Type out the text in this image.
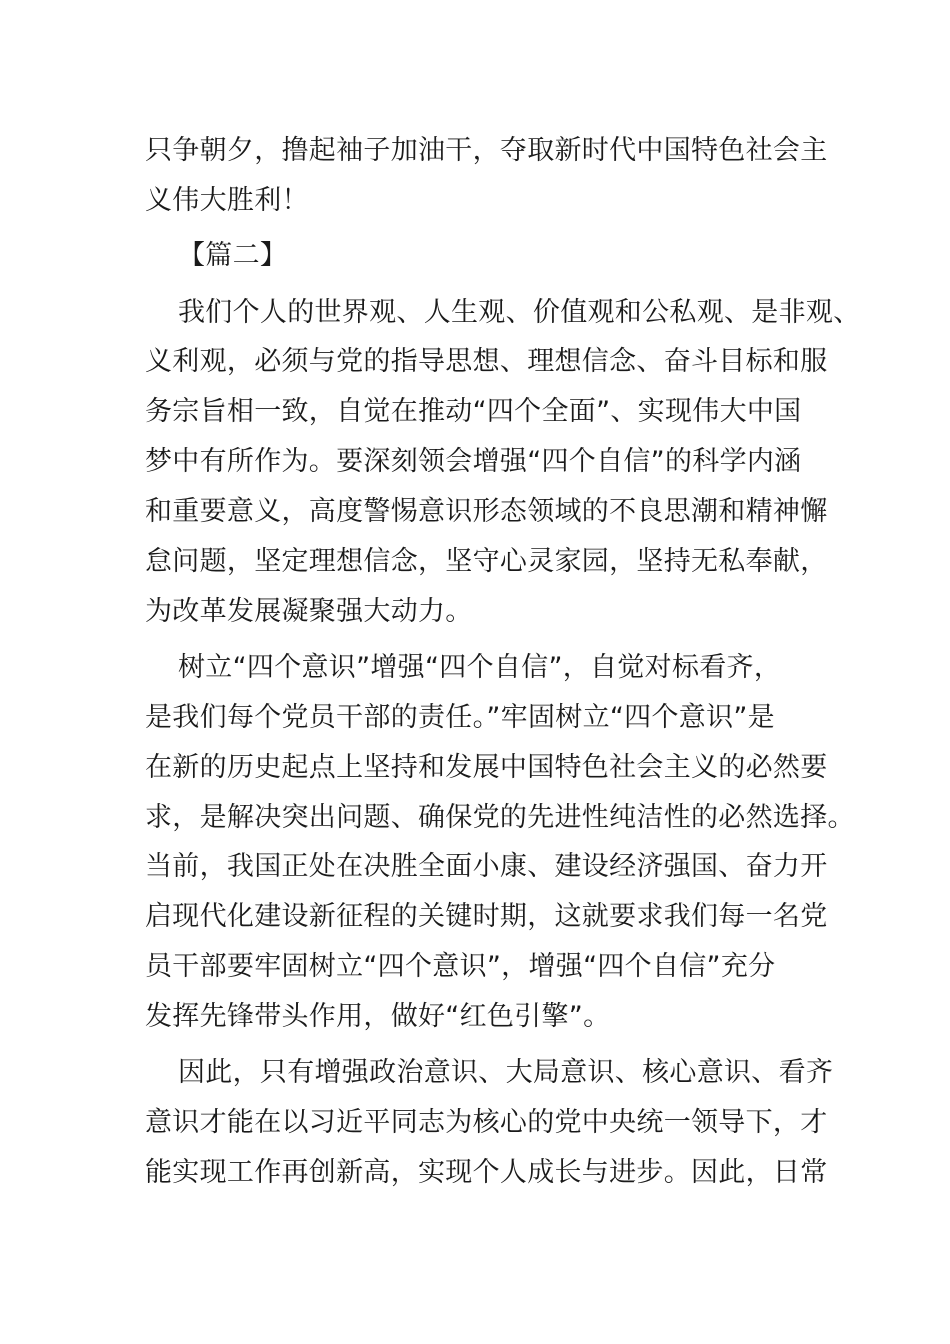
只争朝夕，撸起袖子加油干，夺取新时代中国特色社会主
义伟大胜利！
【篇二】
我们个人的世界观、人生观、价值观和公私观、是非观、
义利观，必须与党的指导思想、理想信念、奋斗目标和服
务宗旨相一致，自觉在推动“四个全面”、实现伟大中国
梦中有所作为。要深刻领会增强“四个自信”的科学内涵
和重要意义，高度警惕意识形态领域的不良思潮和精神懈
怠问题，坚定理想信念，坚守心灵家园，坚持无私奉献，
为改革发展凝聚强大动力。
树立“四个意识”增强“四个自信”，自觉对标看齐，
是我们每个党员干部的责任。”牢固树立“四个意识”是
在新的历史起点上坚持和发展中国特色社会主义的必然要
求，是解决突出问题、确保党的先进性纯洁性的必然选择。
当前，我国正处在决胜全面小康、建设经济强国、奋力开
启现代化建设新征程的关键时期，这就要求我们每一名党
员干部要牢固树立“四个意识”，增强“四个自信”充分
发挥先锋带头作用，做好“红色引擎”。
因此，只有增强政治意识、大局意识、核心意识、看齐
意识才能在以习近平同志为核心的党中央统一领导下，才
能实现工作再创新高，实现个人成长与进步。因此，日常
